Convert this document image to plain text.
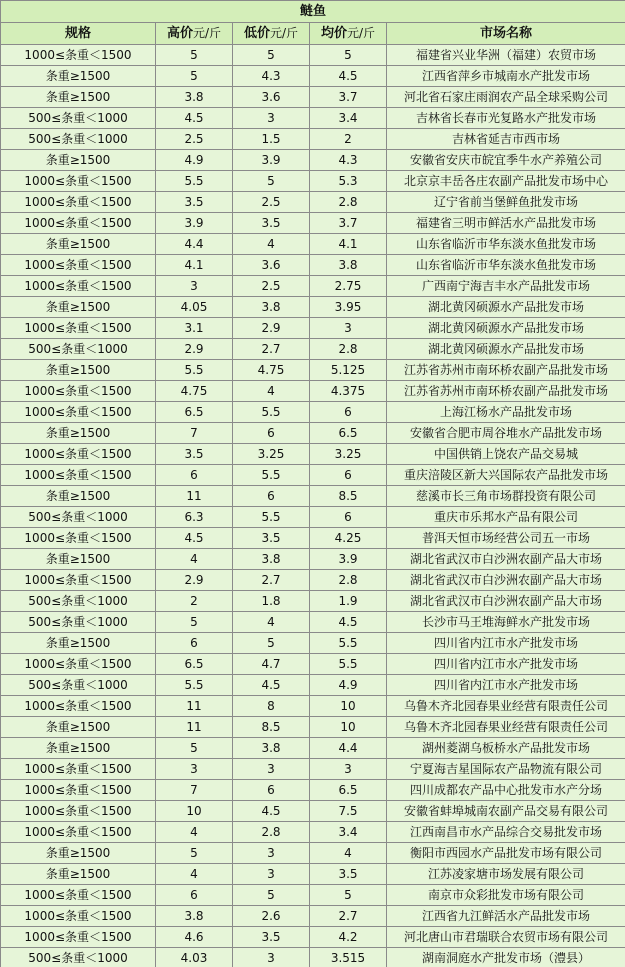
鲢鱼				
规格	高价元/斤	低价元/斤	均价元/斤	市场名称
1000≤条重＜1500	5	5	5	福建省兴业华洲（福建）农贸市场
条重≥1500	5	4.3	4.5	江西省萍乡市城南水产批发市场
条重≥1500	3.8	3.6	3.7	河北省石家庄雨润农产品全球采购公司
500≤条重＜1000	4.5	3	3.4	吉林省长春市光复路水产批发市场
500≤条重＜1000	2.5	1.5	2	吉林省延吉市西市场
条重≥1500	4.9	3.9	4.3	安徽省安庆市皖宜季牛水产养殖公司
1000≤条重＜1500	5.5	5	5.3	北京京丰岳各庄农副产品批发市场中心
1000≤条重＜1500	3.5	2.5	2.8	辽宁省前当堡鲜鱼批发市场
1000≤条重＜1500	3.9	3.5	3.7	福建省三明市鲜活水产品批发市场
条重≥1500	4.4	4	4.1	山东省临沂市华东淡水鱼批发市场
1000≤条重＜1500	4.1	3.6	3.8	山东省临沂市华东淡水鱼批发市场
1000≤条重＜1500	3	2.5	2.75	广西南宁海吉丰水产品批发市场
条重≥1500	4.05	3.8	3.95	湖北黄冈硕源水产品批发市场
1000≤条重＜1500	3.1	2.9	3	湖北黄冈硕源水产品批发市场
500≤条重＜1000	2.9	2.7	2.8	湖北黄冈硕源水产品批发市场
条重≥1500	5.5	4.75	5.125	江苏省苏州市南环桥农副产品批发市场
1000≤条重＜1500	4.75	4	4.375	江苏省苏州市南环桥农副产品批发市场
1000≤条重＜1500	6.5	5.5	6	上海江杨水产品批发市场
条重≥1500	7	6	6.5	安徽省合肥市周谷堆水产品批发市场
1000≤条重＜1500	3.5	3.25	3.25	中国供销上饶农产品交易城
1000≤条重＜1500	6	5.5	6	重庆涪陵区新大兴国际农产品批发市场
条重≥1500	11	6	8.5	慈溪市长三角市场群投资有限公司
500≤条重＜1000	6.3	5.5	6	重庆市乐邦水产品有限公司
1000≤条重＜1500	4.5	3.5	4.25	普洱天恒市场经营公司五一市场
条重≥1500	4	3.8	3.9	湖北省武汉市白沙洲农副产品大市场
1000≤条重＜1500	2.9	2.7	2.8	湖北省武汉市白沙洲农副产品大市场
500≤条重＜1000	2	1.8	1.9	湖北省武汉市白沙洲农副产品大市场
500≤条重＜1000	5	4	4.5	长沙市马王堆海鲜水产批发市场
条重≥1500	6	5	5.5	四川省内江市水产批发市场
1000≤条重＜1500	6.5	4.7	5.5	四川省内江市水产批发市场
500≤条重＜1000	5.5	4.5	4.9	四川省内江市水产批发市场
1000≤条重＜1500	11	8	10	乌鲁木齐北园春果业经营有限责任公司
条重≥1500	11	8.5	10	乌鲁木齐北园春果业经营有限责任公司
条重≥1500	5	3.8	4.4	湖州菱湖乌板桥水产品批发市场
1000≤条重＜1500	3	3	3	宁夏海吉星国际农产品物流有限公司
1000≤条重＜1500	7	6	6.5	四川成都农产品中心批发市水产分场
1000≤条重＜1500	10	4.5	7.5	安徽省蚌埠城南农副产品交易有限公司
1000≤条重＜1500	4	2.8	3.4	江西南昌市水产品综合交易批发市场
条重≥1500	5	3	4	衡阳市西园水产品批发市场有限公司
条重≥1500	4	3	3.5	江苏凌家塘市场发展有限公司
1000≤条重＜1500	6	5	5	南京市众彩批发市场有限公司
1000≤条重＜1500	3.8	2.6	2.7	江西省九江鲜活水产品批发市场
1000≤条重＜1500	4.6	3.5	4.2	河北唐山市君瑞联合农贸市场有限公司
500≤条重＜1000	4.03	3	3.515	湖南洞庭水产批发市场（澧县）
